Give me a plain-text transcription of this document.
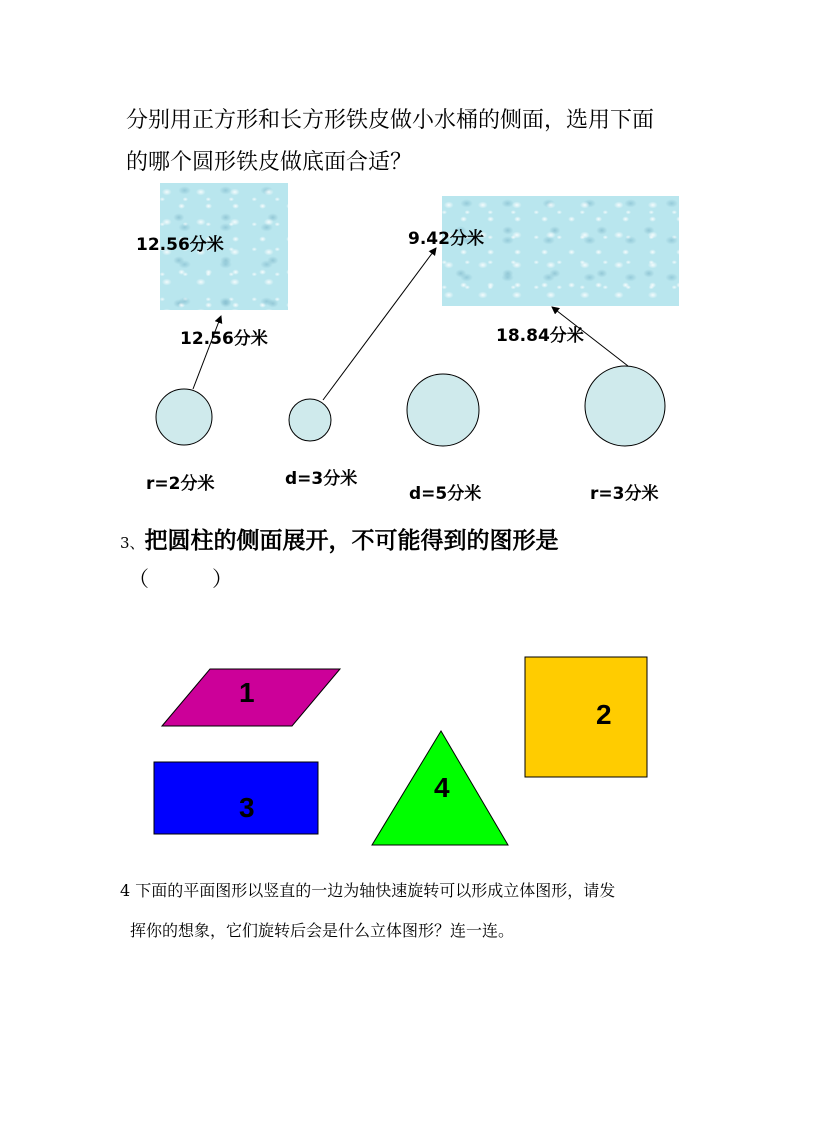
分别用正方形和长方形铁皮做小水桶的侧面，选用下面
的哪个圆形铁皮做底面合适？
12.56分米
12.56分米
9.42分米
18.84分米
r=2分米	d=3分米
d=5分米	r=3分米
3、把圆柱的侧面展开，不可能得到的图形是
（　　　）
1
2
3
4
4 下面的平面图形以竖直的一边为轴快速旋转可以形成立体图形，请发
挥你的想象，它们旋转后会是什么立体图形？连一连。
